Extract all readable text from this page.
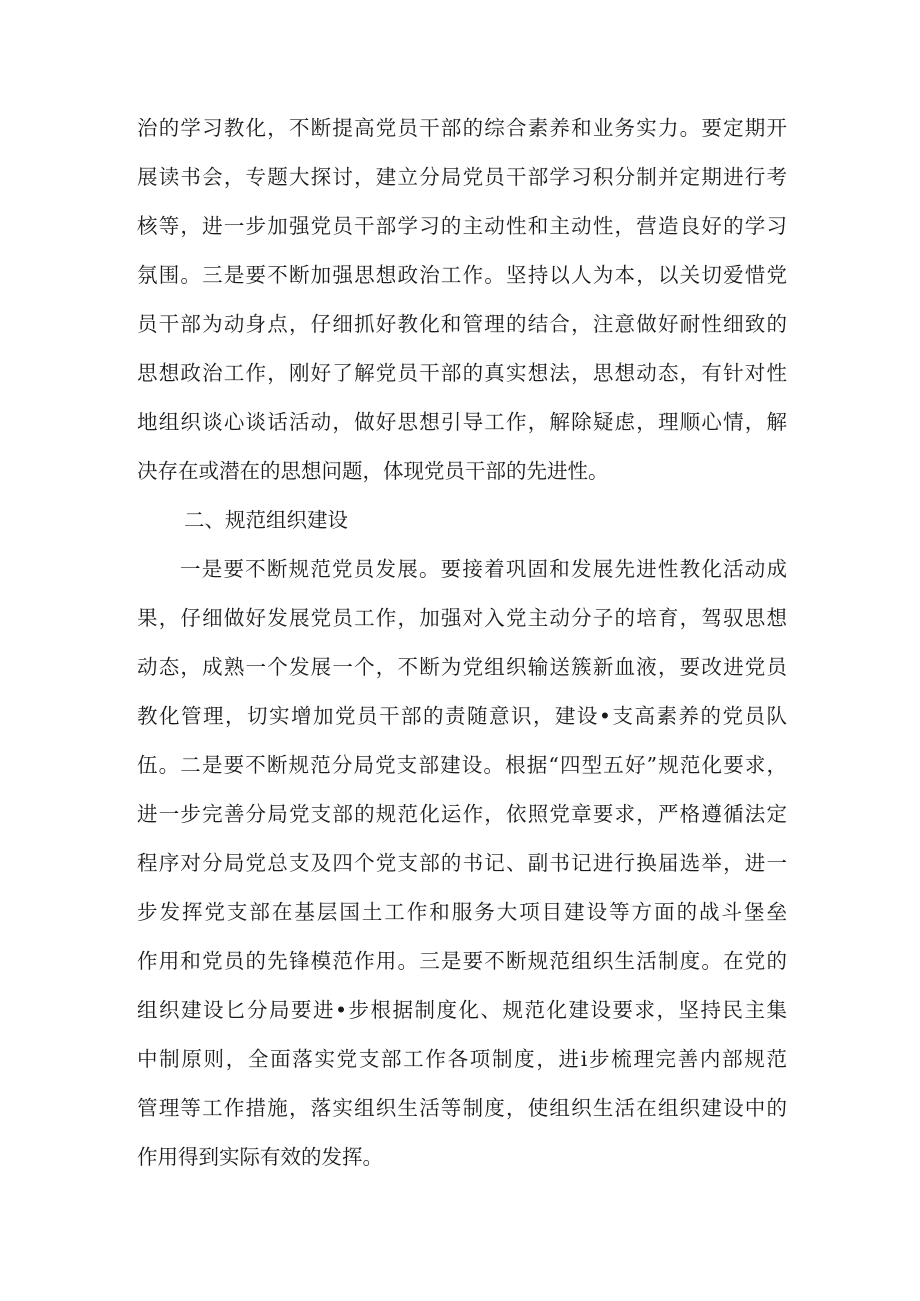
治的学习教化，不断提高党员干部的综合素养和业务实力。要定期开
展读书会，专题大探讨，建立分局党员干部学习积分制并定期进行考
核等，进一步加强党员干部学习的主动性和主动性，营造良好的学习
氛围。三是要不断加强思想政治工作。坚持以人为本，以关切爱惜党
员干部为动身点，仔细抓好教化和管理的结合，注意做好耐性细致的
思想政治工作，刚好了解党员干部的真实想法，思想动态，有针对性
地组织谈心谈话活动，做好思想引导工作，解除疑虑，理顺心情，解
决存在或潜在的思想问题，体现党员干部的先进性。
二、规范组织建设
一是要不断规范党员发展。要接着巩固和发展先进性教化活动成
果，仔细做好发展党员工作，加强对入党主动分子的培育，驾驭思想
动态，成熟一个发展一个，不断为党组织输送簇新血液，要改进党员
教化管理，切实增加党员干部的责随意识，建设•支高素养的党员队
伍。二是要不断规范分局党支部建设。根据“四型五好”规范化要求，
进一步完善分局党支部的规范化运作，依照党章要求，严格遵循法定
程序对分局党总支及四个党支部的书记、副书记进行换届选举，进一
步发挥党支部在基层国土工作和服务大项目建设等方面的战斗堡垒
作用和党员的先锋模范作用。三是要不断规范组织生活制度。在党的
组织建设匕分局要进•步根据制度化、规范化建设要求，坚持民主集
中制原则，全面落实党支部工作各项制度，进i步梳理完善内部规范
管理等工作措施，落实组织生活等制度，使组织生活在组织建设中的
作用得到实际有效的发挥。
